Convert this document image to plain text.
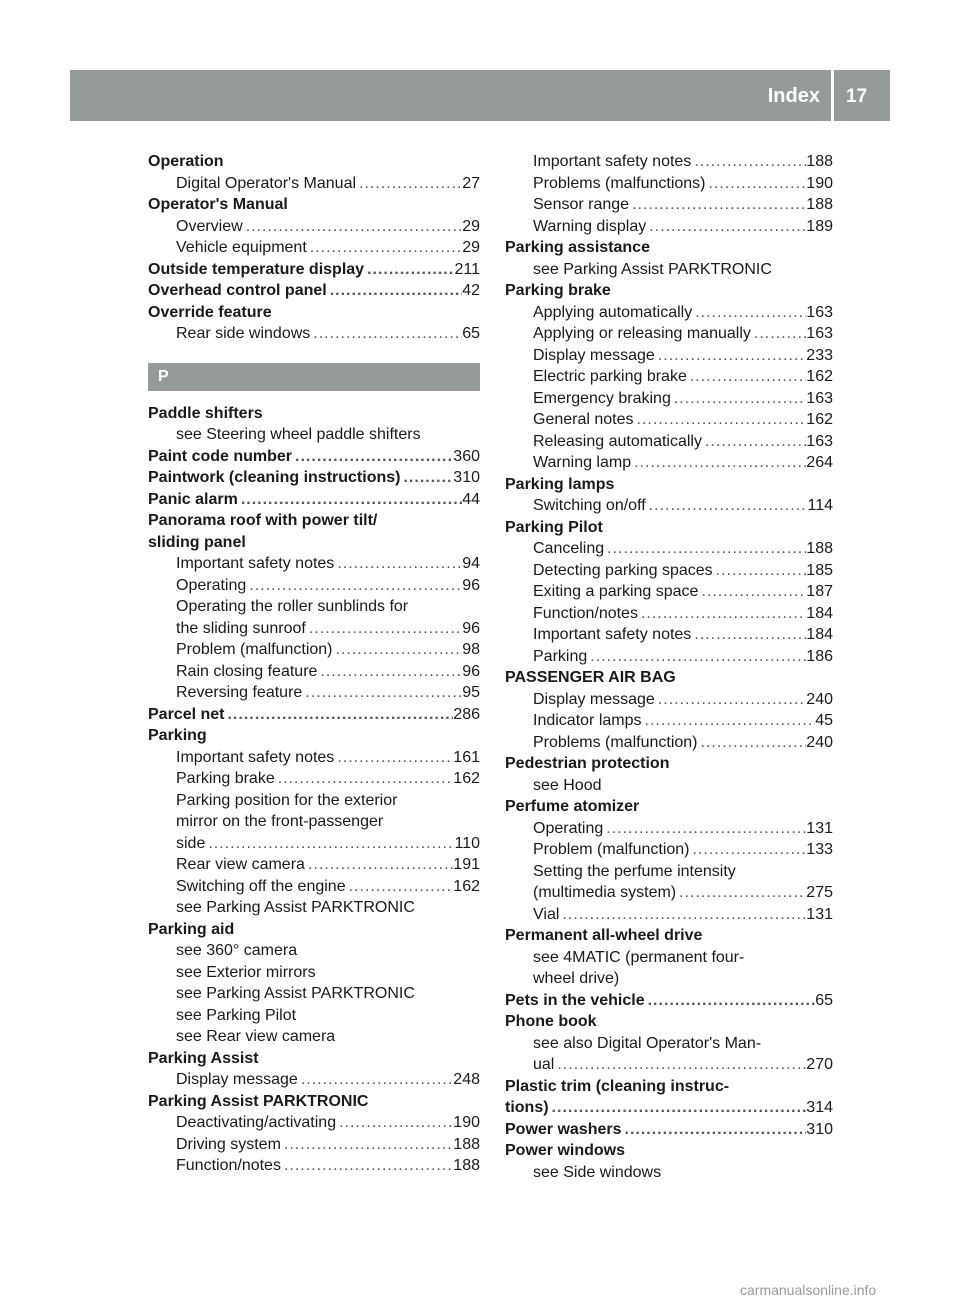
Index 17
Operation
Digital Operator's Manual .....	27
Operator's Manual
Overview .....	29
Vehicle equipment .....	29
Outside temperature display .....	211
Overhead control panel .....	42
Override feature
Rear side windows .....	65
P
Paddle shifters
see Steering wheel paddle shifters
Paint code number .....	360
Paintwork (cleaning instructions) .....	310
Panic alarm .....	44
Panorama roof with power tilt/
sliding panel
Important safety notes .....	94
Operating .....	96
Operating the roller sunblinds for
the sliding sunroof .....	96
Problem (malfunction) .....	98
Rain closing feature .....	96
Reversing feature .....	95
Parcel net .....	286
Parking
Important safety notes .....	161
Parking brake .....	162
Parking position for the exterior
mirror on the front-passenger
side .....	110
Rear view camera .....	191
Switching off the engine .....	162
see Parking Assist PARKTRONIC
Parking aid
see 360° camera
see Exterior mirrors
see Parking Assist PARKTRONIC
see Parking Pilot
see Rear view camera
Parking Assist
Display message .....	248
Parking Assist PARKTRONIC
Deactivating/activating .....	190
Driving system .....	188
Function/notes .....	188
Important safety notes .....	188
Problems (malfunctions) .....	190
Sensor range .....	188
Warning display .....	189
Parking assistance
see Parking Assist PARKTRONIC
Parking brake
Applying automatically .....	163
Applying or releasing manually .....	163
Display message .....	233
Electric parking brake .....	162
Emergency braking .....	163
General notes .....	162
Releasing automatically .....	163
Warning lamp .....	264
Parking lamps
Switching on/off .....	114
Parking Pilot
Canceling .....	188
Detecting parking spaces .....	185
Exiting a parking space .....	187
Function/notes .....	184
Important safety notes .....	184
Parking .....	186
PASSENGER AIR BAG
Display message .....	240
Indicator lamps .....	45
Problems (malfunction) .....	240
Pedestrian protection
see Hood
Perfume atomizer
Operating .....	131
Problem (malfunction) .....	133
Setting the perfume intensity
(multimedia system) .....	275
Vial .....	131
Permanent all-wheel drive
see 4MATIC (permanent four-
wheel drive)
Pets in the vehicle .....	65
Phone book
see also Digital Operator's Man-
ual .....	270
Plastic trim (cleaning instruc-
tions) .....	314
Power washers .....	310
Power windows
see Side windows
carmanualsonline.info
